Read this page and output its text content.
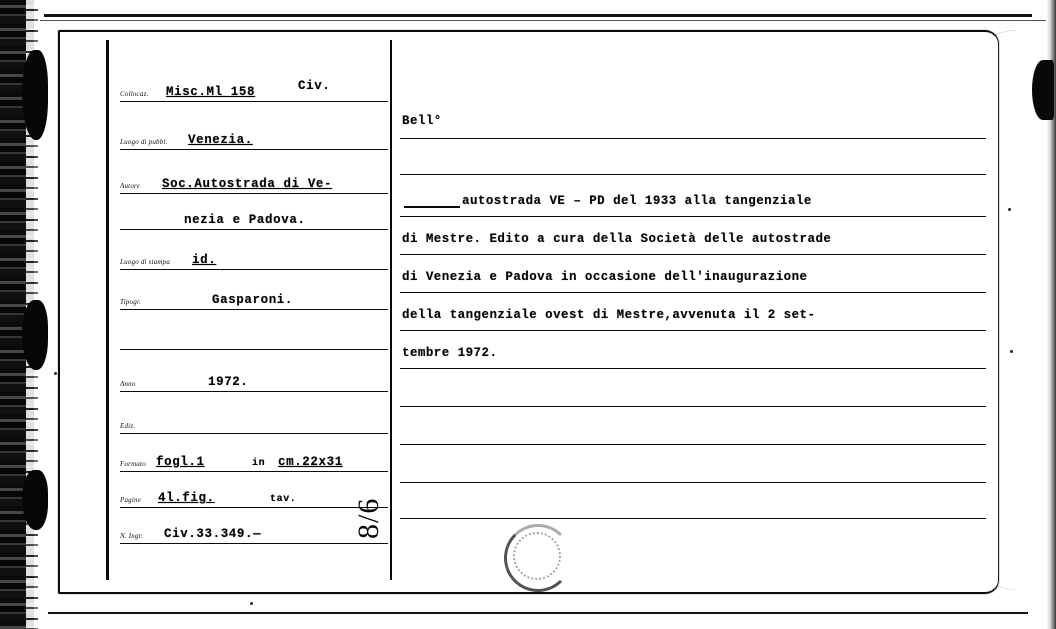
Collocaz. Misc.Ml 158	Civ.
Luogo di pubbl. Venezia.
Autore Soc.Autostrada di Ve-
nezia e Padova.
Luogo di stampa id.
Tipogr.	Gasparoni.
Anno	1972.
Ediz.
Formato fogl.1	in cm.22x31
Pagine 4l.fig.	tav.
N. Ingr. Civ.33.349.—	8/6
Bell°
autostrada VE – PD del 1933 alla tangenziale
di Mestre. Edito a cura della Società delle autostrade
di Venezia e Padova in occasione dell'inaugurazione
della tangenziale ovest di Mestre,avvenuta il 2 set-
tembre 1972.
